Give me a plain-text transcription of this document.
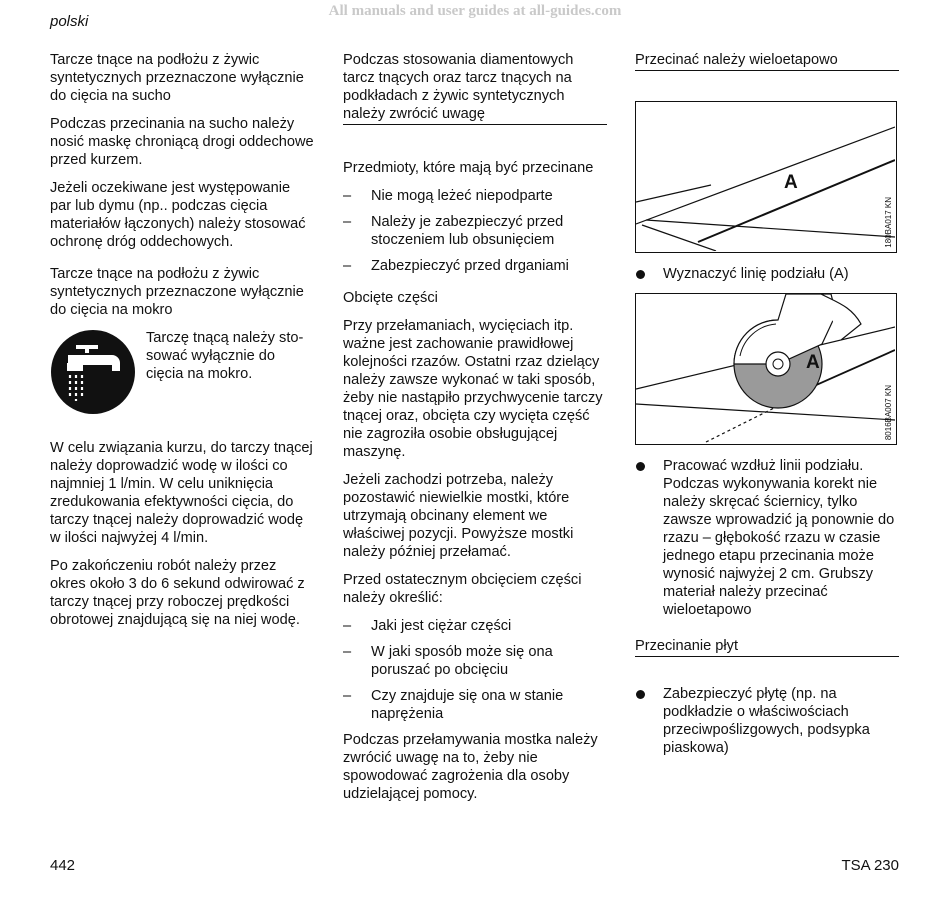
All manuals and user guides at all-guides.com
polski
Tarcze tnące na podłożu z żywic syntetycznych przeznaczone wyłącznie do cięcia na sucho

Podczas przecinania na sucho należy nosić maskę chroniącą drogi oddechowe przed kurzem.

Jeżeli oczekiwane jest występowanie par lub dymu (np.. podczas cięcia materiałów łączonych) należy stosować ochronę dróg oddechowych.

Tarcze tnące na podłożu z żywic syntetycznych przeznaczone wyłącznie do cięcia na mokro
Tarczę tnącą należy sto-
sować wyłącznie do
cięcia na mokro.

W celu związania kurzu, do tarczy tnącej należy doprowadzić wodę w ilości co najmniej 1 l/min. W celu uniknięcia zredukowania efektywności cięcia, do tarczy tnącej należy doprowadzić wodę w ilości najwyżej 4 l/min.

Po zakończeniu robót należy przez okres około 3 do 6 sekund odwirować z tarczy tnącej przy roboczej prędkości obrotowej znajdującą się na niej wodę.

Podczas stosowania diamentowych tarcz tnących oraz tarcz tnących na podkładach z żywic syntetycznych należy zwrócić uwagę
Przedmioty, które mają być przecinane
– Nie mogą leżeć niepodparte
– Należy je zabezpieczyć przed stoczeniem lub obsunięciem
– Zabezpieczyć przed drganiami
Obcięte części

Przy przełamaniach, wycięciach itp. ważne jest zachowanie prawidłowej kolejności rzazów. Ostatni rzaz dzielący należy zawsze wykonać w taki sposób, żeby nie nastąpiło przychwycenie tarczy tnącej oraz, obcięta czy wycięta część nie zagroziła osobie obsługującej maszynę.

Jeżeli zachodzi potrzeba, należy pozostawić niewielkie mostki, które utrzymają obcinany element we właściwej pozycji. Powyższe mostki należy później przełamać.

Przed ostatecznym obcięciem części należy określić:

– Jaki jest ciężar części
– W jaki sposób może się ona poruszać po obcięciu
– Czy znajduje się ona w stanie naprężenia

Podczas przełamywania mostka należy zwrócić uwagę na to, żeby nie spowodować zagrożenia dla osoby udzielającej pomocy.

Przecinać należy wieloetapowo
A
180BA017 KN
Wyznaczyć linię podziału (A)
A
8016BA007 KN
Pracować wzdłuż linii podziału. Podczas wykonywania korekt nie należy skręcać ściernicy, tylko zawsze wprowadzić ją ponownie do rzazu – głębokość rzazu w czasie jednego etapu przecinania może wynosić najwyżej 2 cm. Grubszy materiał należy przecinać wieloetapowo
Przecinanie płyt
Zabezpieczyć płytę (np. na podkładzie o właściwościach przeciwpoślizgowych, podsypka piaskowa)
442	TSA 230
